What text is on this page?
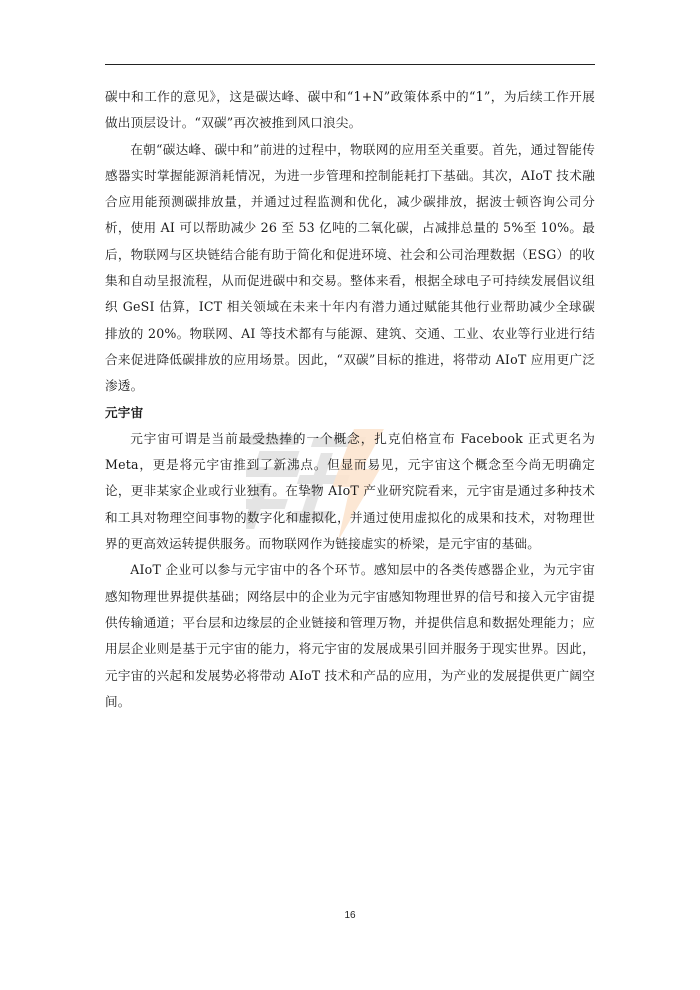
碳中和工作的意见》，这是碳达峰、碳中和“1+N”政策体系中的“1”，为后续工作开展做出顶层设计。“双碳”再次被推到风口浪尖。

在朝“碳达峰、碳中和”前进的过程中，物联网的应用至关重要。首先，通过智能传感器实时掌握能源消耗情况，为进一步管理和控制能耗打下基础。其次，AIoT 技术融合应用能预测碳排放量，并通过过程监测和优化，减少碳排放，据波士顿咨询公司分析，使用 AI 可以帮助减少 26 至 53 亿吨的二氧化碳，占减排总量的 5%至 10%。最后，物联网与区块链结合能有助于简化和促进环境、社会和公司治理数据（ESG）的收集和自动呈报流程，从而促进碳中和交易。整体来看，根据全球电子可持续发展倡议组织 GeSI 估算，ICT 相关领域在未来十年内有潜力通过赋能其他行业帮助减少全球碳排放的 20%。物联网、AI 等技术都有与能源、建筑、交通、工业、农业等行业进行结合来促进降低碳排放的应用场景。因此，“双碳”目标的推进，将带动 AIoT 应用更广泛渗透。

元宇宙

元宇宙可谓是当前最受热捧的一个概念，扎克伯格宣布 Facebook 正式更名为 Meta，更是将元宇宙推到了新沸点。但显而易见，元宇宙这个概念至今尚无明确定论，更非某家企业或行业独有。在挚物 AIoT 产业研究院看来，元宇宙是通过多种技术和工具对物理空间事物的数字化和虚拟化，并通过使用虚拟化的成果和技术，对物理世界的更高效运转提供服务。而物联网作为链接虚实的桥梁，是元宇宙的基础。

AIoT 企业可以参与元宇宙中的各个环节。感知层中的各类传感器企业，为元宇宙感知物理世界提供基础；网络层中的企业为元宇宙感知物理世界的信号和接入元宇宙提供传输通道；平台层和边缘层的企业链接和管理万物，并提供信息和数据处理能力；应用层企业则是基于元宇宙的能力，将元宇宙的发展成果引回并服务于现实世界。因此，元宇宙的兴起和发展势必将带动 AIoT 技术和产品的应用，为产业的发展提供更广阔空间。

16
